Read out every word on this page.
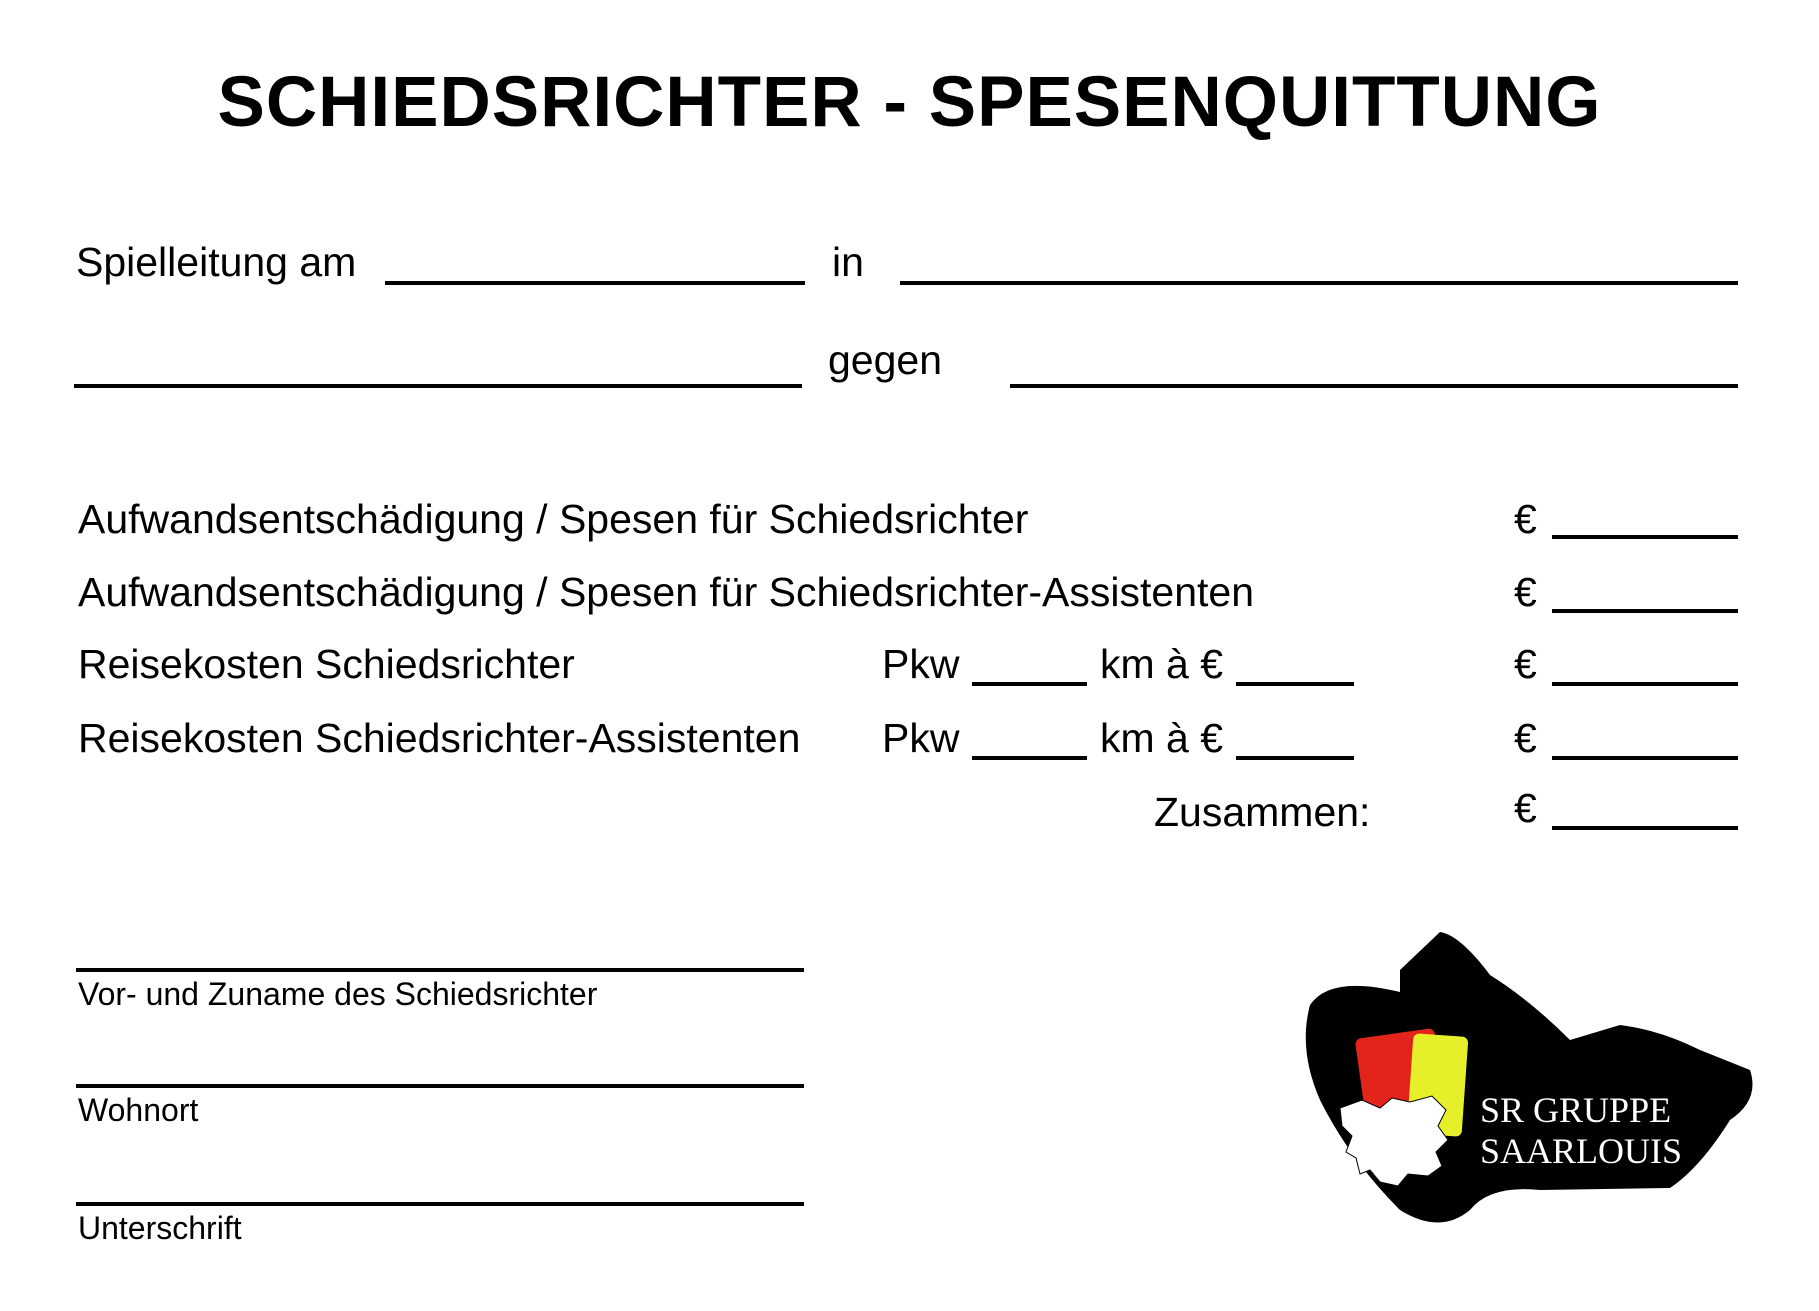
SCHIEDSRICHTER - SPESENQUITTUNG
Spielleitung am	in
gegen
Aufwandsentschädigung / Spesen für Schiedsrichter	€
Aufwandsentschädigung / Spesen für Schiedsrichter-Assistenten	€
Reisekosten Schiedsrichter	Pkw	km à €	€
Reisekosten Schiedsrichter-Assistenten Pkw	km à €	€
Zusammen:	€
Vor- und Zuname des Schiedsrichter
Wohnort
Unterschrift
SR GRUPPE
SAARLOUIS
